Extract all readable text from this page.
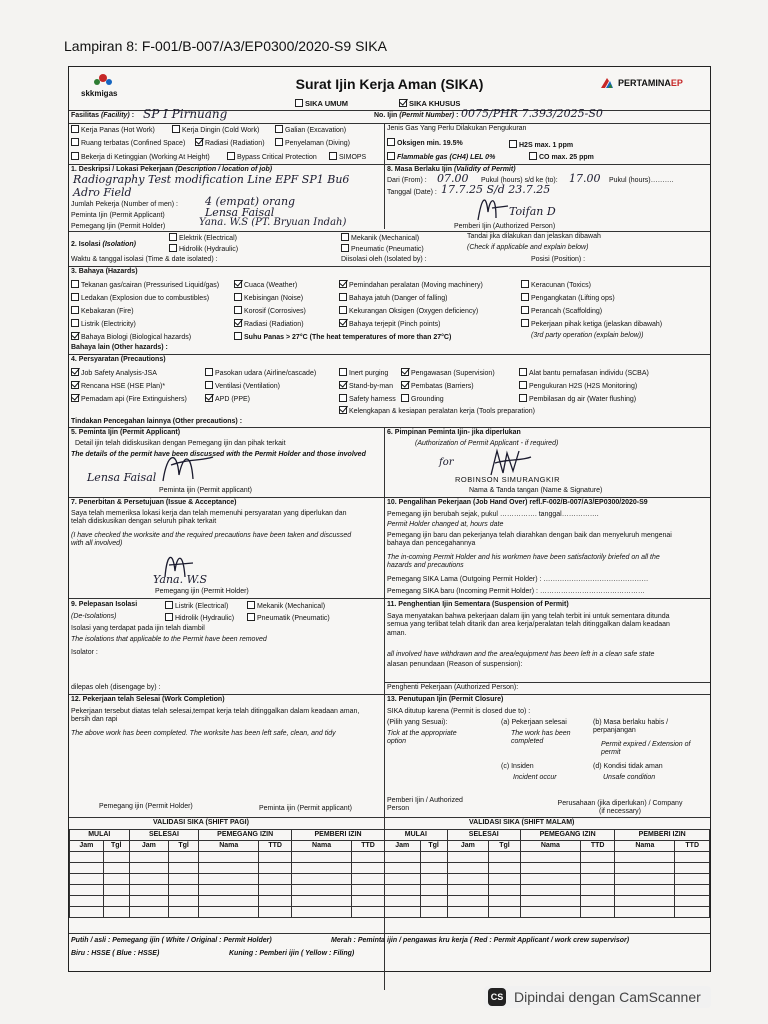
Lampiran 8: F-001/B-007/A3/EP0300/2020-S9 SIKA
skkmigas
Surat Ijin Kerja Aman (SIKA)	PERTAMINA EP
SIKA UMUM	SIKA KHUSUS
Fasilitas (Facility) : SP I Pirnuang	No. Ijin (Permit Number) : 0075/PHR 7.393/2025-S0
Kerja Panas (Hot Work)	Kerja Dingin (Cold Work)	Galian (Excavation)
Ruang terbatas (Confined Space)	Radiasi (Radiation)	Penyelaman (Diving)
Bekerja di Ketinggian (Working At Height)	Bypass Critical Protection	SIMOPS
Jenis Gas Yang Perlu Dilakukan Pengukuran
Oksigen min. 19.5%	H2S max. 1 ppm
Flammable gas (CH4) LEL 0%	CO max. 25 ppm
1. Deskripsi / Lokasi Pekerjaan (Description / location of job)
Radiography Test modification Line EPF SP1 Bu6
Adro Field
Jumlah Pekerja (Number of men) : 4 (empat) orang
Peminta Ijin (Permit Applicant)	Lensa Faisal
Pemegang Ijin (Permit Holder)	Yana. W.S (PT. Bryuan Indah)
8. Masa Berlaku Ijin (Validity of Permit)
Dari (From) : 07.00 Pukul (hours) s/d ke (to): 17.00 Pukul (hours)……….
Tanggal (Date) : 17.7.25 S/d 23.7.25
Toifan D
Pemberi Ijin (Authorized Person)
2. Isolasi (Isolation)
Elektrik (Electrical)
Hidrolik (Hydraulic)
Mekanik (Mechanical)
Pneumatic (Pneumatic)
Tandai jika dilakukan dan jelaskan dibawah
(Check if applicable and explain below)
Waktu & tanggal isolasi (Time & date isolated) :	Diisolasi oleh (Isolated by) :	Posisi (Position) :
3. Bahaya (Hazards)
Tekanan gas/cairan (Pressurised Liquid/gas)
Ledakan (Explosion due to combustibles)
Kebakaran (Fire)
Listrik (Electricity)
Bahaya Biologi (Biological hazards)
Cuaca (Weather)
Kebisingan (Noise)
Korosif (Corrosives)
Radiasi (Radiation)
Suhu Panas > 27°C (The heat temperatures of more than 27°C)
Pemindahan peralatan (Moving machinery)
Bahaya jatuh (Danger of falling)
Kekurangan Oksigen (Oxygen deficiency)
Bahaya terjepit (Pinch points)
Keracunan (Toxics)
Pengangkatan (Lifting ops)
Perancah (Scaffolding)
Pekerjaan pihak ketiga (jelaskan dibawah)
(3rd party operation (explain below))
Bahaya lain (Other hazards) :
4. Persyaratan (Precautions)
Job Safety Analysis-JSA
Rencana HSE (HSE Plan)*
Pemadam api (Fire Extinguishers)
Pasokan udara (Airline/cascade)
Ventilasi (Ventilation)
APD (PPE)
Inert purging
Stand-by-man
Safety harness
Kelengkapan & kesiapan peralatan kerja (Tools preparation)
Pengawasan (Supervision)
Pembatas (Barriers)
Grounding
Alat bantu pernafasan individu (SCBA)
Pengukuran H2S (H2S Monitoring)
Pembilasan dg air (Water flushing)
Tindakan Pencegahan lainnya (Other precautions) :
5. Peminta Ijin (Permit Applicant)
Detail ijin telah didiskusikan dengan Pemegang ijin dan pihak terkait
The details of the permit have been discussed with the Permit Holder and those involved
Lensa Faisal
Peminta ijin (Permit applicant)
6. Pimpinan Peminta Ijin- jika diperlukan
(Authorization of Permit Applicant - if required)
for
ROBINSON SIMURANGKIR
Nama & Tanda tangan (Name & Signature)
7. Penerbitan & Persetujuan (Issue & Acceptance)
Saya telah memeriksa lokasi kerja dan telah memenuhi persyaratan yang diperlukan dan telah didiskusikan dengan seluruh pihak terkait
(I have checked the worksite and the required precautions have been taken and discussed with all involved)
Yana. W.S
Pemegang ijin (Permit Holder)
10. Pengalihan Pekerjaan (Job Hand Over) refl.F-002/B-007/A3/EP0300/2020-S9
Pemegang ijin berubah sejak, pukul ……………. tanggal…………….
Permit Holder changed at, hours date
Pemegang ijin baru dan pekerjanya telah diarahkan dengan baik dan menyeluruh mengenai bahaya dan pencegahannya
The in-coming Permit Holder and his workmen have been satisfactorily briefed on all the hazards and precautions
Pemegang SIKA Lama (Outgoing Permit Holder) : ………………………………………
Pemegang SIKA baru (Incoming Permit Holder) : ………………………………………
9. Pelepasan Isolasi
(De-Isolations)
Listrik (Electrical)	Mekanik (Mechanical)
Hidrolik (Hydraulic)	Pneumatik (Pneumatic)
Isolasi yang terdapat pada ijin telah diambil
The isolations that applicable to the Permit have been removed
Isolator :
dilepas oleh (disengage by) :
11. Penghentian Ijin Sementara (Suspension of Permit)
Saya menyatakan bahwa pekerjaan dalam ijin yang telah terbit ini untuk sementara ditunda semua yang terlibat telah ditarik dan area kerja/peralatan telah ditinggalkan dalam keadaan aman.
all involved have withdrawn and the area/equipment has been left in a clean safe state
alasan penundaan (Reason of suspension):
Penghenti Pekerjaan (Authorized Person):
12. Pekerjaan telah Selesai (Work Completion)
Pekerjaan tersebut diatas telah selesai,tempat kerja telah ditinggalkan dalam keadaan aman, bersih dan rapi
The above work has been completed. The worksite has been left safe, clean, and tidy
Pemegang ijin (Permit Holder)	Peminta ijin (Permit applicant)
13. Penutupan Ijin (Permit Closure)
SIKA ditutup karena (Permit is closed due to) :
(Pilih yang Sesuai):
Tick at the appropriate option
(a) Pekerjaan selesai
The work has been completed
(b) Masa berlaku habis / perpanjangan
Permit expired / Extension of permit
(c) Insiden
Incident occur
(d) Kondisi tidak aman
Unsafe condition
Pemberi Ijin / Authorized Person
Perusahaan (jika diperlukan) / Company (if necessary)
VALIDASI SIKA (SHIFT PAGI)	VALIDASI SIKA (SHIFT MALAM)
MULAI		SELESAI		PEMEGANG IZIN		PEMBERI IZIN	
Jam	Tgl	Jam	Tgl	Nama	TTD	Nama	TTD

MULAI		SELESAI		PEMEGANG IZIN		PEMBERI IZIN	
Jam	Tgl	Jam	Tgl	Nama	TTD	Nama	TTD

Putih / asli : Pemegang ijin ( White / Original : Permit Holder)	Merah : Peminta ijin / pengawas kru kerja ( Red : Permit Applicant / work crew supervisor)
Biru : HSSE ( Blue : HSSE)	Kuning : Pemberi ijin ( Yellow : Filing)
CS Dipindai dengan CamScanner
